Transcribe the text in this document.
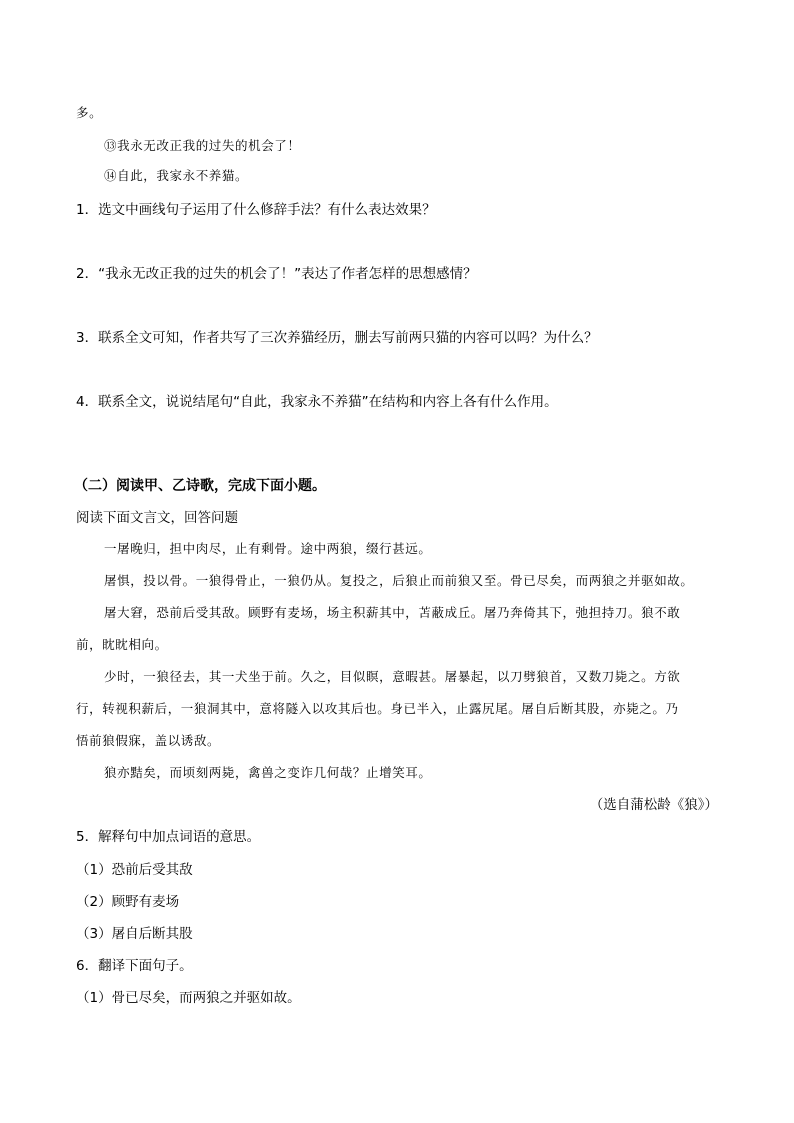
多。
⑬我永无改正我的过失的机会了！
⑭自此，我家永不养猫。
1．选文中画线句子运用了什么修辞手法？有什么表达效果？
2．“我永无改正我的过失的机会了！”表达了作者怎样的思想感情？
3．联系全文可知，作者共写了三次养猫经历，删去写前两只猫的内容可以吗？为什么？
4．联系全文，说说结尾句“自此，我家永不养猫”在结构和内容上各有什么作用。
（二）阅读甲、乙诗歌，完成下面小题。
阅读下面文言文，回答问题
一屠晚归，担中肉尽，止有剩骨。途中两狼，缀行甚远。
屠惧，投以骨。一狼得骨止，一狼仍从。复投之，后狼止而前狼又至。骨已尽矣，而两狼之并驱如故。
屠大窘，恐前后受其敌。顾野有麦场，场主积薪其中，苫蔽成丘。屠乃奔倚其下，弛担持刀。狼不敢
前，眈眈相向。
少时，一狼径去，其一犬坐于前。久之，目似瞑，意暇甚。屠暴起，以刀劈狼首，又数刀毙之。方欲
行，转视积薪后，一狼洞其中，意将隧入以攻其后也。身已半入，止露尻尾。屠自后断其股，亦毙之。乃
悟前狼假寐，盖以诱敌。
狼亦黠矣，而顷刻两毙，禽兽之变诈几何哉？止增笑耳。
（选自蒲松龄《狼》）
5．解释句中加点词语的意思。
（1）恐前后受其敌
（2）顾野有麦场
（3）屠自后断其股
6．翻译下面句子。
（1）骨已尽矣，而两狼之并驱如故。
